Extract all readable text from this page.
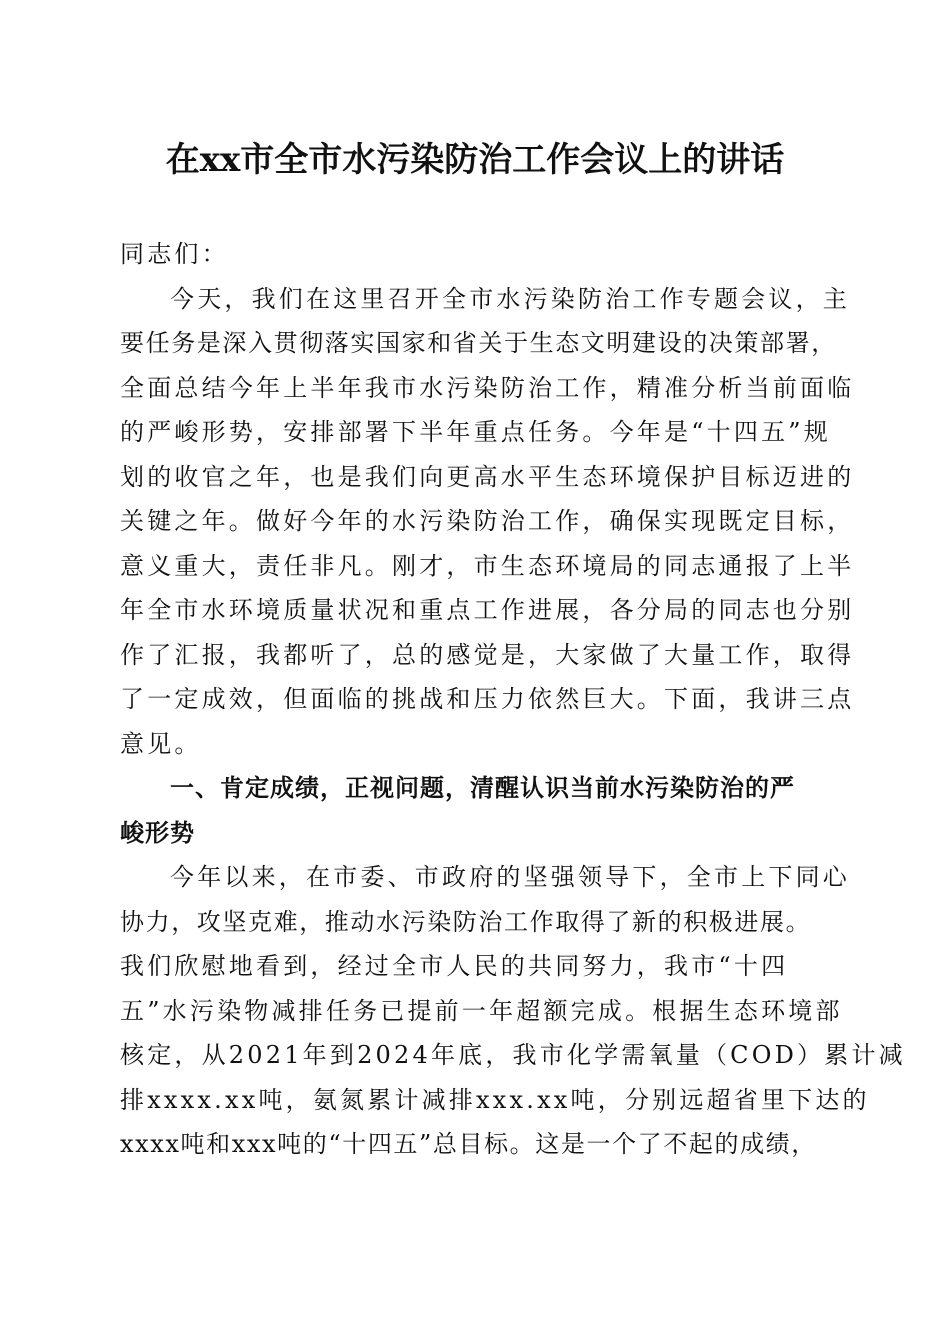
在xx市全市水污染防治工作会议上的讲话
同志们：
今天，我们在这里召开全市水污染防治工作专题会议，主
要任务是深入贯彻落实国家和省关于生态文明建设的决策部署，
全面总结今年上半年我市水污染防治工作，精准分析当前面临
的严峻形势，安排部署下半年重点任务。今年是“十四五”规
划的收官之年，也是我们向更高水平生态环境保护目标迈进的
关键之年。做好今年的水污染防治工作，确保实现既定目标，
意义重大，责任非凡。刚才，市生态环境局的同志通报了上半
年全市水环境质量状况和重点工作进展，各分局的同志也分别
作了汇报，我都听了，总的感觉是，大家做了大量工作，取得
了一定成效，但面临的挑战和压力依然巨大。下面，我讲三点
意见。
一、肯定成绩，正视问题，清醒认识当前水污染防治的严
峻形势
今年以来，在市委、市政府的坚强领导下，全市上下同心
协力，攻坚克难，推动水污染防治工作取得了新的积极进展。
我们欣慰地看到，经过全市人民的共同努力，我市“十四
五”水污染物减排任务已提前一年超额完成。根据生态环境部
核定，从2021年到2024年底，我市化学需氧量（COD）累计减
排xxxx.xx吨，氨氮累计减排xxx.xx吨，分别远超省里下达的
xxxx吨和xxx吨的“十四五”总目标。这是一个了不起的成绩，
